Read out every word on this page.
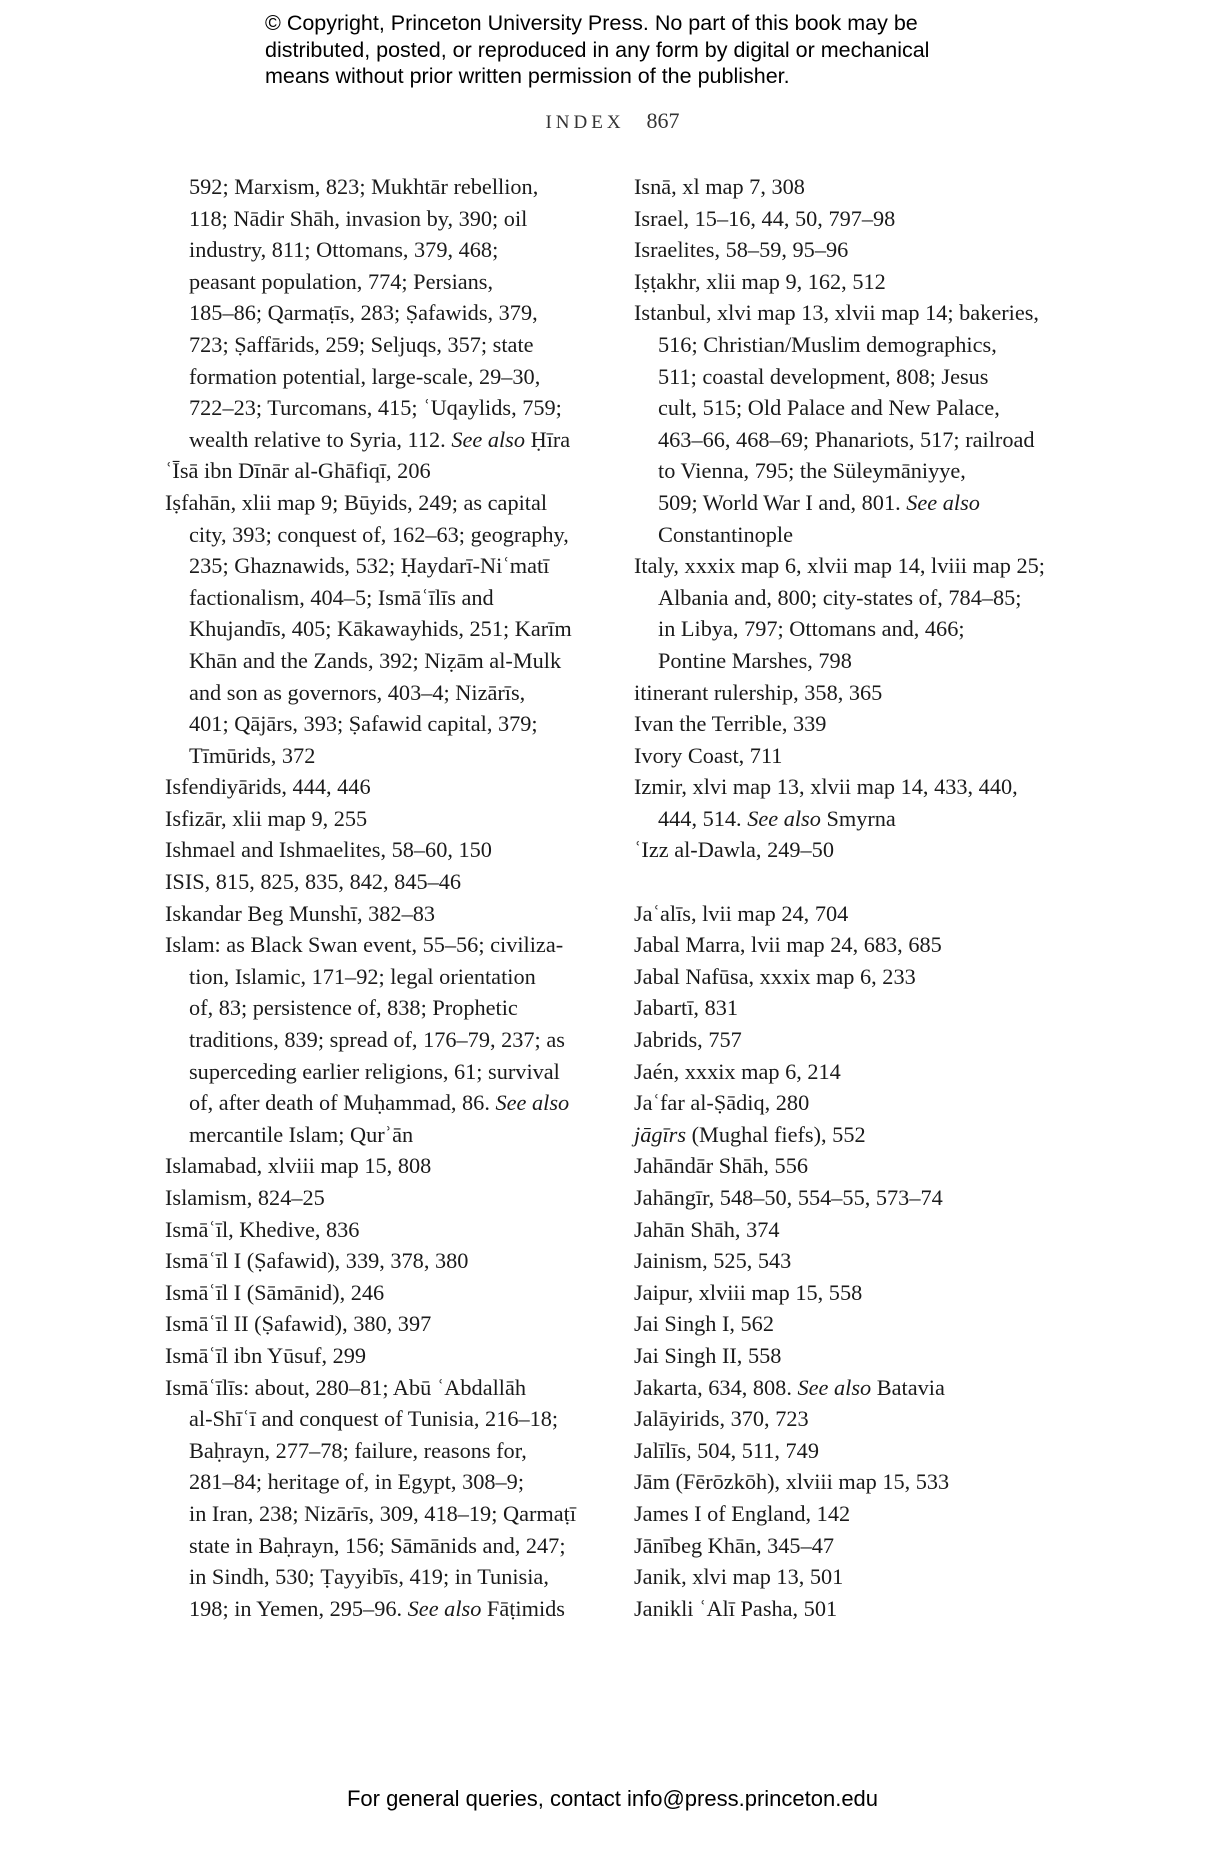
© Copyright, Princeton University Press. No part of this book may be
distributed, posted, or reproduced in any form by digital or mechanical
means without prior written permission of the publisher.
INDEX 867

592; Marxism, 823; Mukhtār rebellion,
118; Nādir Shāh, invasion by, 390; oil
industry, 811; Ottomans, 379, 468;
peasant population, 774; Persians,
185–86; Qarmaṭīs, 283; Ṣafawids, 379,
723; Ṣaffārids, 259; Seljuqs, 357; state
formation potential, large-scale, 29–30,
722–23; Turcomans, 415; ʿUqaylids, 759;
wealth relative to Syria, 112. See also Ḥīra

ʿĪsā ibn Dīnār al-Ghāfiqī, 206

Iṣfahān, xlii map 9; Būyids, 249; as capital
city, 393; conquest of, 162–63; geography,
235; Ghaznawids, 532; Ḥaydarī-Niʿmatī
factionalism, 404–5; Ismāʿīlīs and
Khujandīs, 405; Kākawayhids, 251; Karīm
Khān and the Zands, 392; Niẓām al-Mulk
and son as governors, 403–4; Nizārīs,
401; Qājārs, 393; Ṣafawid capital, 379;
Tīmūrids, 372

Isfendiyārids, 444, 446

Isfizār, xlii map 9, 255

Ishmael and Ishmaelites, 58–60, 150

ISIS, 815, 825, 835, 842, 845–46

Iskandar Beg Munshī, 382–83

Islam: as Black Swan event, 55–56; civiliza-
tion, Islamic, 171–92; legal orientation
of, 83; persistence of, 838; Prophetic
traditions, 839; spread of, 176–79, 237; as
superceding earlier religions, 61; survival
of, after death of Muḥammad, 86. See also
mercantile Islam; Qurʾān

Islamabad, xlviii map 15, 808

Islamism, 824–25

Ismāʿīl, Khedive, 836

Ismāʿīl I (Ṣafawid), 339, 378, 380

Ismāʿīl I (Sāmānid), 246

Ismāʿīl II (Ṣafawid), 380, 397

Ismāʿīl ibn Yūsuf, 299

Ismāʿīlīs: about, 280–81; Abū ʿAbdallāh
al-Shīʿī and conquest of Tunisia, 216–18;
Baḥrayn, 277–78; failure, reasons for,
281–84; heritage of, in Egypt, 308–9;
in Iran, 238; Nizārīs, 309, 418–19; Qarmaṭī
state in Baḥrayn, 156; Sāmānids and, 247;
in Sindh, 530; Ṭayyibīs, 419; in Tunisia,
198; in Yemen, 295–96. See also Fāṭimids

Isnā, xl map 7, 308

Israel, 15–16, 44, 50, 797–98

Israelites, 58–59, 95–96

Iṣṭakhr, xlii map 9, 162, 512

Istanbul, xlvi map 13, xlvii map 14; bakeries,
516; Christian/Muslim demographics,
511; coastal development, 808; Jesus
cult, 515; Old Palace and New Palace,
463–66, 468–69; Phanariots, 517; railroad
to Vienna, 795; the Süleymāniyye,
509; World War I and, 801. See also
Constantinople

Italy, xxxix map 6, xlvii map 14, lviii map 25;
Albania and, 800; city-states of, 784–85;
in Libya, 797; Ottomans and, 466;
Pontine Marshes, 798

itinerant rulership, 358, 365

Ivan the Terrible, 339

Ivory Coast, 711

Izmir, xlvi map 13, xlvii map 14, 433, 440,
444, 514. See also Smyrna

ʿIzz al-Dawla, 249–50

Jaʿalīs, lvii map 24, 704

Jabal Marra, lvii map 24, 683, 685

Jabal Nafūsa, xxxix map 6, 233

Jabartī, 831

Jabrids, 757

Jaén, xxxix map 6, 214

Jaʿfar al-Ṣādiq, 280

jāgīrs (Mughal fiefs), 552

Jahāndār Shāh, 556

Jahāngīr, 548–50, 554–55, 573–74

Jahān Shāh, 374

Jainism, 525, 543

Jaipur, xlviii map 15, 558

Jai Singh I, 562

Jai Singh II, 558

Jakarta, 634, 808. See also Batavia

Jalāyirids, 370, 723

Jalīlīs, 504, 511, 749

Jām (Fērōzkōh), xlviii map 15, 533

James I of England, 142

Jānībeg Khān, 345–47

Janik, xlvi map 13, 501

Janikli ʿAlī Pasha, 501

For general queries, contact info@press.princeton.edu
